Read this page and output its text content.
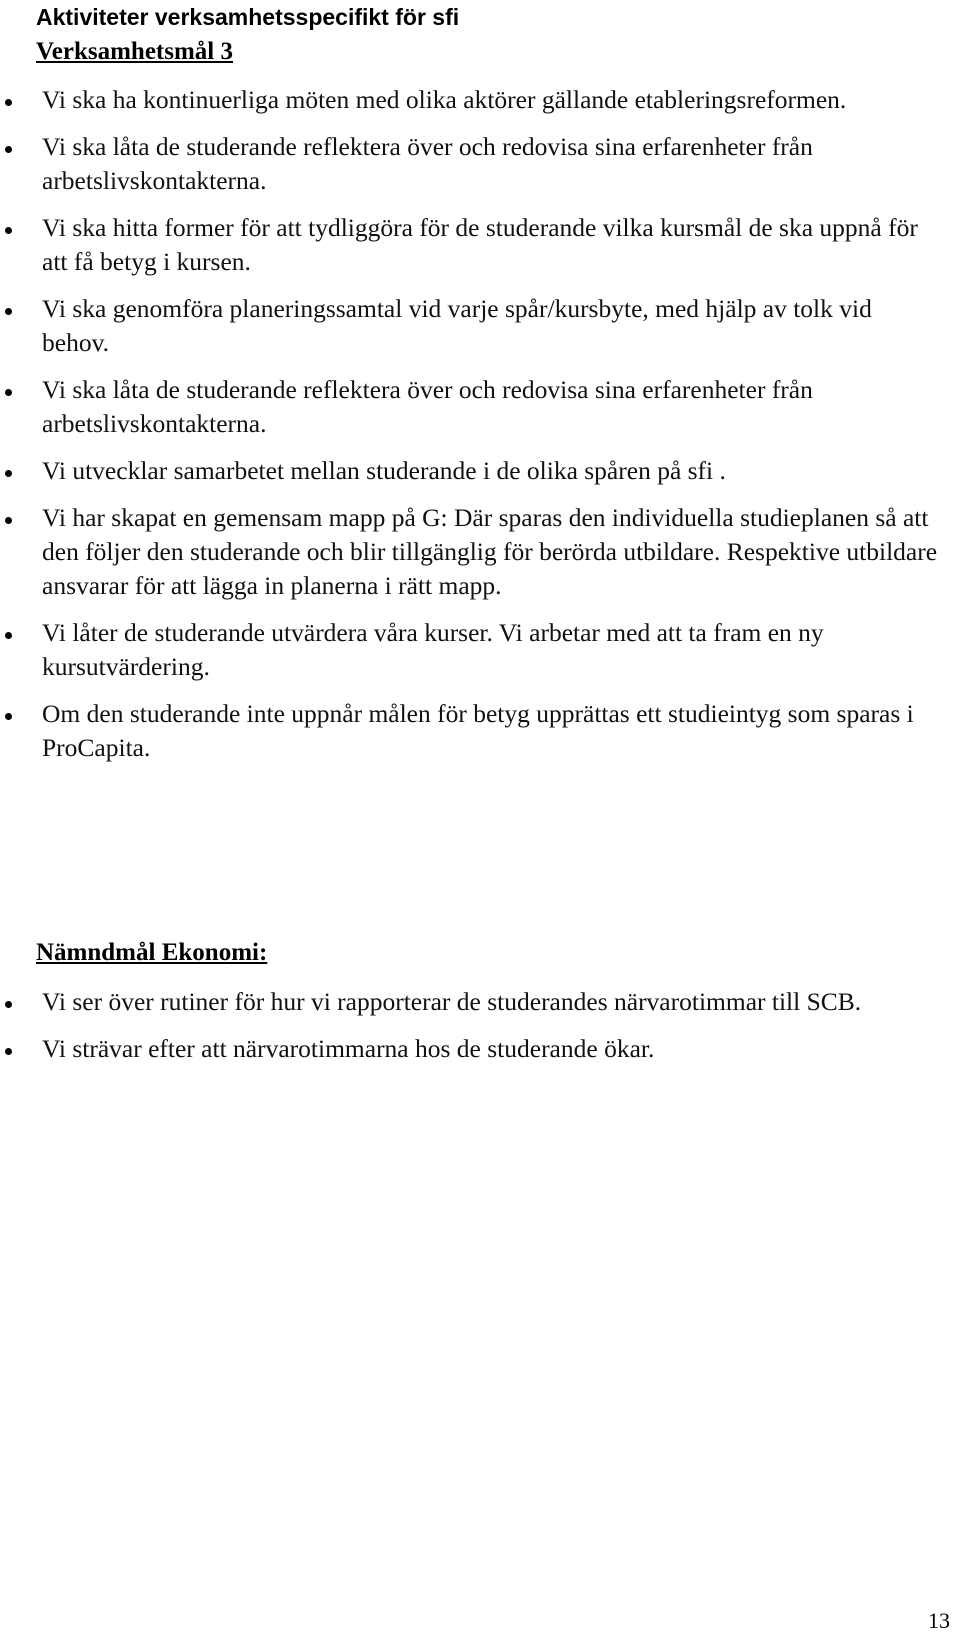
Aktiviteter verksamhetsspecifikt för sfi
Verksamhetsmål 3
Vi ska ha kontinuerliga möten med olika aktörer gällande etableringsreformen.
Vi ska låta de studerande reflektera över och redovisa sina erfarenheter från arbetslivskontakterna.
Vi ska hitta former för att tydliggöra för de studerande vilka kursmål de ska uppnå för att få betyg i kursen.
Vi ska genomföra planeringssamtal vid varje spår/kursbyte, med hjälp av tolk vid behov.
Vi ska låta de studerande reflektera över och redovisa sina erfarenheter från arbetslivskontakterna.
Vi utvecklar samarbetet mellan studerande i de olika spåren på sfi .
Vi har skapat en gemensam mapp på G: Där sparas den individuella studieplanen så att den följer den studerande och blir tillgänglig för berörda utbildare. Respektive utbildare ansvarar för att lägga in planerna i rätt mapp.
Vi låter de studerande utvärdera våra kurser. Vi arbetar med att ta fram en ny kursutvärdering.
Om den studerande inte uppnår målen för betyg upprättas ett studieintyg som sparas i ProCapita.
Nämndmål Ekonomi:
Vi ser över rutiner för hur vi rapporterar de studerandes närvarotimmar till SCB.
Vi strävar efter att närvarotimmarna hos de studerande ökar.
13
